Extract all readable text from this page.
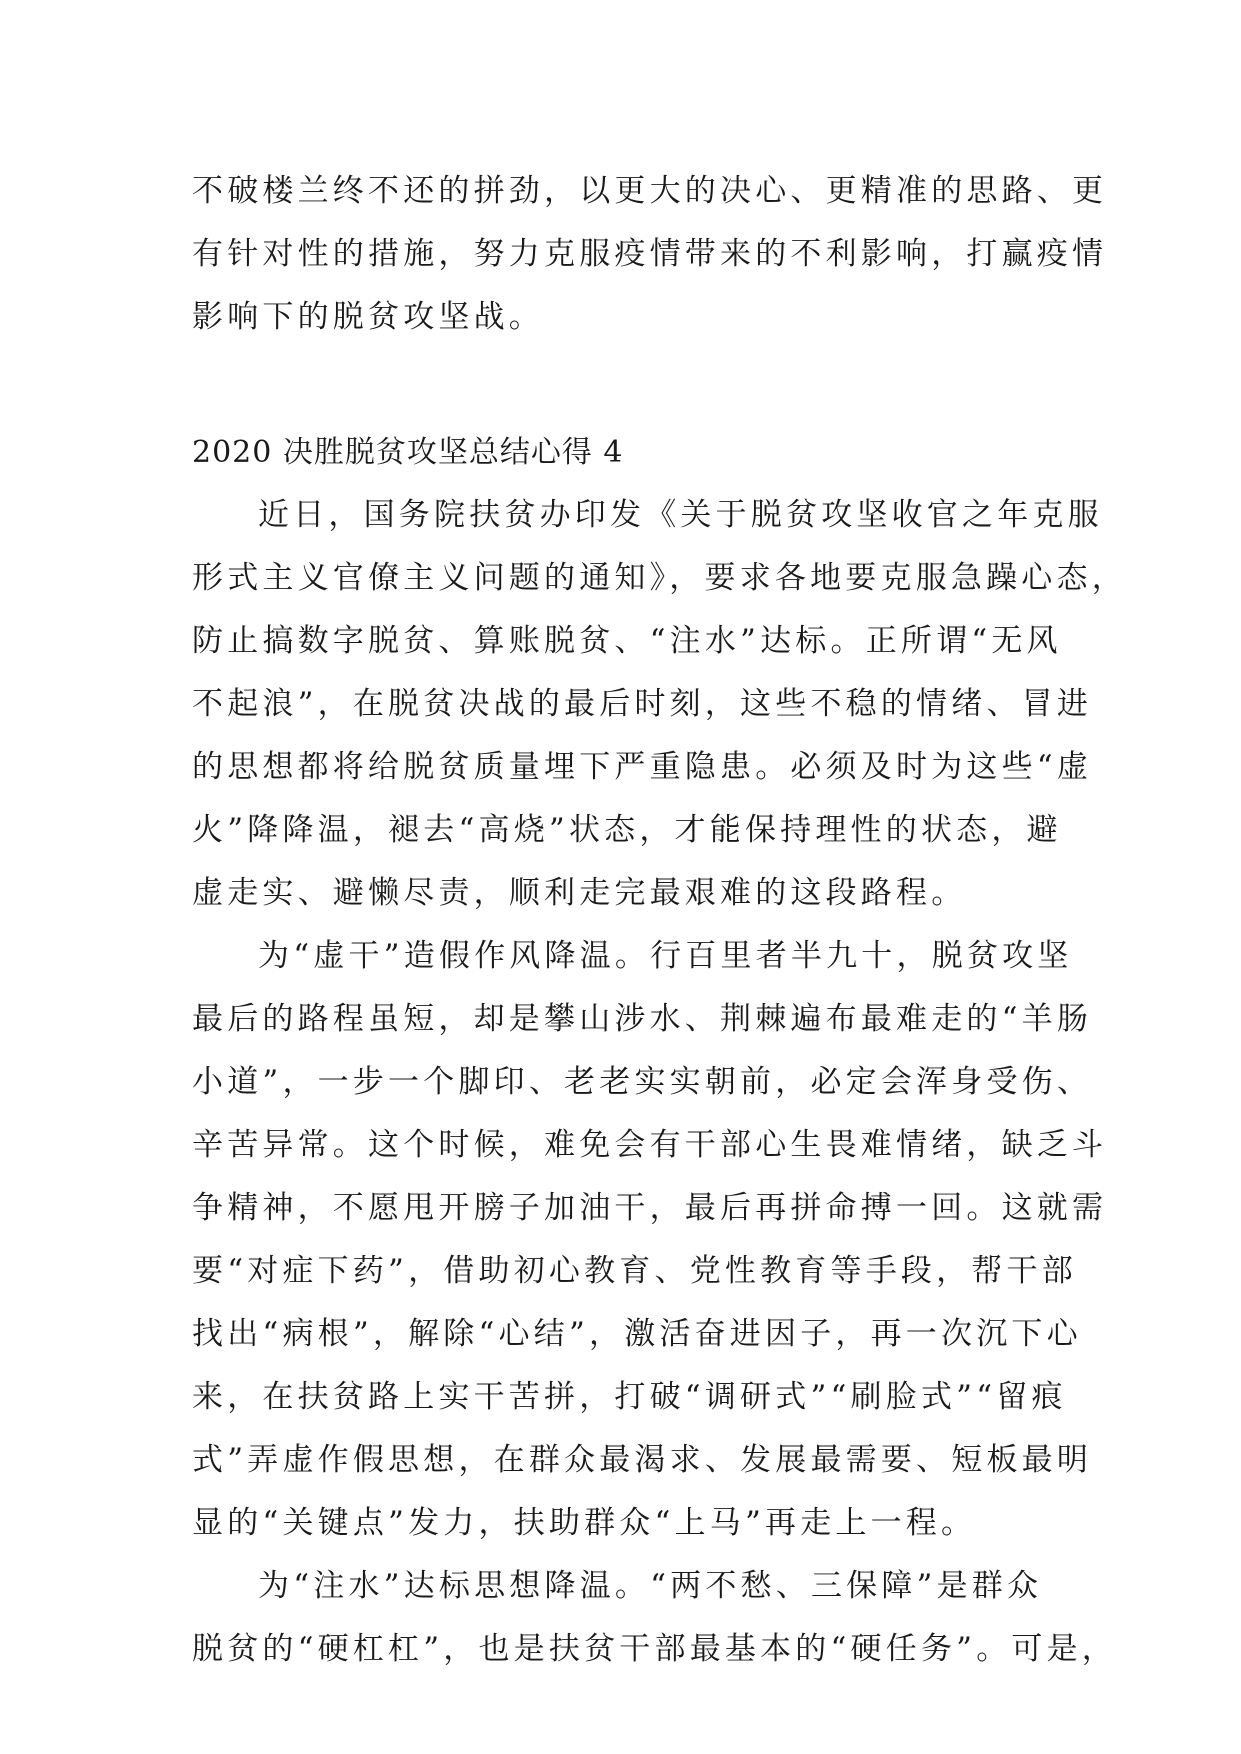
不破楼兰终不还的拼劲，以更大的决心、更精准的思路、更
有针对性的措施，努力克服疫情带来的不利影响，打赢疫情
影响下的脱贫攻坚战。
2020 决胜脱贫攻坚总结心得 4
近日，国务院扶贫办印发《关于脱贫攻坚收官之年克服
形式主义官僚主义问题的通知》，要求各地要克服急躁心态，
防止搞数字脱贫、算账脱贫、“注水”达标。正所谓“无风
不起浪”，在脱贫决战的最后时刻，这些不稳的情绪、冒进
的思想都将给脱贫质量埋下严重隐患。必须及时为这些“虚
火”降降温，褪去“高烧”状态，才能保持理性的状态，避
虚走实、避懒尽责，顺利走完最艰难的这段路程。
为“虚干”造假作风降温。行百里者半九十，脱贫攻坚
最后的路程虽短，却是攀山涉水、荆棘遍布最难走的“羊肠
小道”，一步一个脚印、老老实实朝前，必定会浑身受伤、
辛苦异常。这个时候，难免会有干部心生畏难情绪，缺乏斗
争精神，不愿甩开膀子加油干，最后再拼命搏一回。这就需
要“对症下药”，借助初心教育、党性教育等手段，帮干部
找出“病根”，解除“心结”，激活奋进因子，再一次沉下心
来，在扶贫路上实干苦拼，打破“调研式”“刷脸式”“留痕
式”弄虚作假思想，在群众最渴求、发展最需要、短板最明
显的“关键点”发力，扶助群众“上马”再走上一程。
为“注水”达标思想降温。“两不愁、三保障”是群众
脱贫的“硬杠杠”，也是扶贫干部最基本的“硬任务”。可是，
